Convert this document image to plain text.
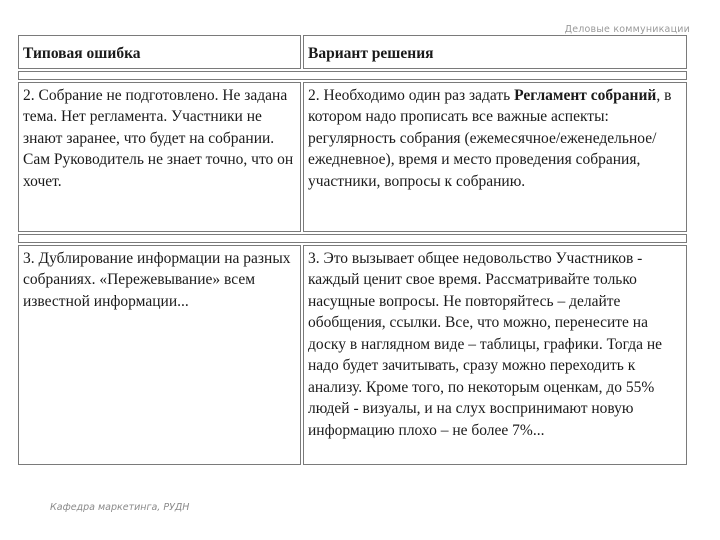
Деловые коммуникации
Типовая ошибка	Вариант решения

2. Собрание не подготовлено. Не задана тема. Нет регламента. Участники не знают заранее, что будет на собрании. Сам Руководитель не знает точно, что он хочет.	2. Необходимо один раз задать Регламент собраний, в котором надо прописать все важные аспекты: регулярность собрания (ежемесячное/еженедельное/ежедневное), время и место проведения собрания, участники, вопросы к собранию.

3. Дублирование информации на разных собраниях. «Пережевывание» всем известной информации...	3. Это вызывает общее недовольство Участников - каждый ценит свое время. Рассматривайте только насущные вопросы. Не повторяйтесь – делайте обобщения, ссылки. Все, что можно, перенесите на доску в наглядном виде – таблицы, графики. Тогда не надо будет зачитывать, сразу можно переходить к анализу. Кроме того, по некоторым оценкам, до 55% людей - визуалы, и на слух воспринимают новую информацию плохо – не более 7%...
Кафедра маркетинга, РУДН
